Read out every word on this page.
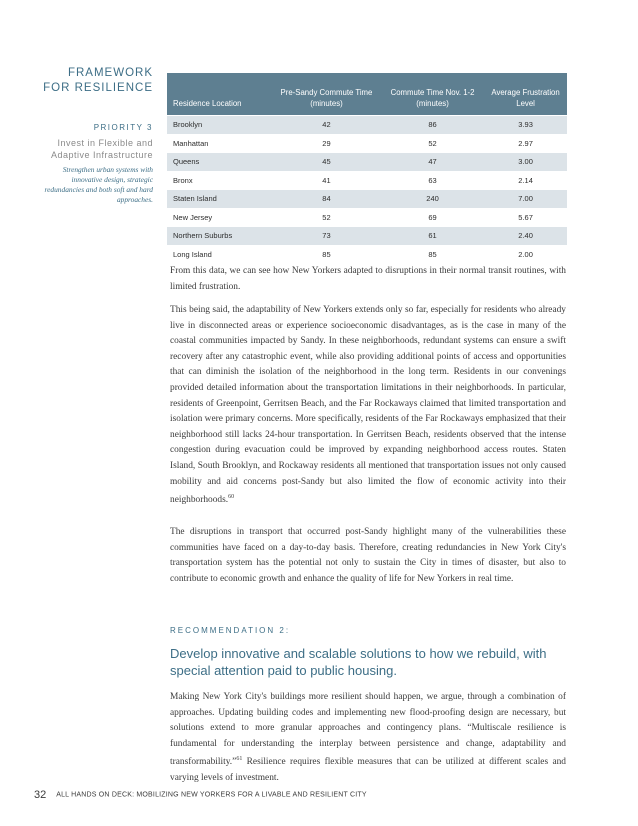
FRAMEWORK
FOR RESILIENCE
PRIORITY 3
Invest in Flexible and
Adaptive Infrastructure
Strengthen urban systems with innovative design, strategic redundancies and both soft and hard approaches.
Residence Location	Pre-Sandy Commute Time (minutes)	Commute Time Nov. 1-2 (minutes)	Average Frustration Level
Brooklyn	42	86	3.93
Manhattan	29	52	2.97
Queens	45	47	3.00
Bronx	41	63	2.14
Staten Island	84	240	7.00
New Jersey	52	69	5.67
Northern Suburbs	73	61	2.40
Long Island	85	85	2.00
From this data, we can see how New Yorkers adapted to disruptions in their normal transit routines, with limited frustration.
This being said, the adaptability of New Yorkers extends only so far, especially for residents who already live in disconnected areas or experience socioeconomic disadvantages, as is the case in many of the coastal communities impacted by Sandy. In these neighborhoods, redundant systems can ensure a swift recovery after any catastrophic event, while also providing additional points of access and opportunities that can diminish the isolation of the neighborhood in the long term. Residents in our convenings provided detailed information about the transportation limitations in their neighborhoods. In particular, residents of Greenpoint, Gerritsen Beach, and the Far Rockaways claimed that limited transportation and isolation were primary concerns. More specifically, residents of the Far Rockaways emphasized that their neighborhood still lacks 24-hour transportation. In Gerritsen Beach, residents observed that the intense congestion during evacuation could be improved by expanding neighborhood access routes. Staten Island, South Brooklyn, and Rockaway residents all mentioned that transportation issues not only caused mobility and aid concerns post-Sandy but also limited the flow of economic activity into their neighborhoods.$^{60}$
The disruptions in transport that occurred post-Sandy highlight many of the vulnerabilities these communities have faced on a day-to-day basis. Therefore, creating redundancies in New York City's transportation system has the potential not only to sustain the City in times of disaster, but also to contribute to economic growth and enhance the quality of life for New Yorkers in real time.
RECOMMENDATION 2:
Develop innovative and scalable solutions to how we rebuild, with special attention paid to public housing.
Making New York City's buildings more resilient should happen, we argue, through a combination of approaches. Updating building codes and implementing new flood-proofing design are necessary, but solutions extend to more granular approaches and contingency plans. “Multiscale resilience is fundamental for understanding the interplay between persistence and change, adaptability and transformability.”$^{61}$ Resilience requires flexible measures that can be utilized at different scales and varying levels of investment.
32 ALL HANDS ON DECK: MOBILIZING NEW YORKERS FOR A LIVABLE AND RESILIENT CITY
